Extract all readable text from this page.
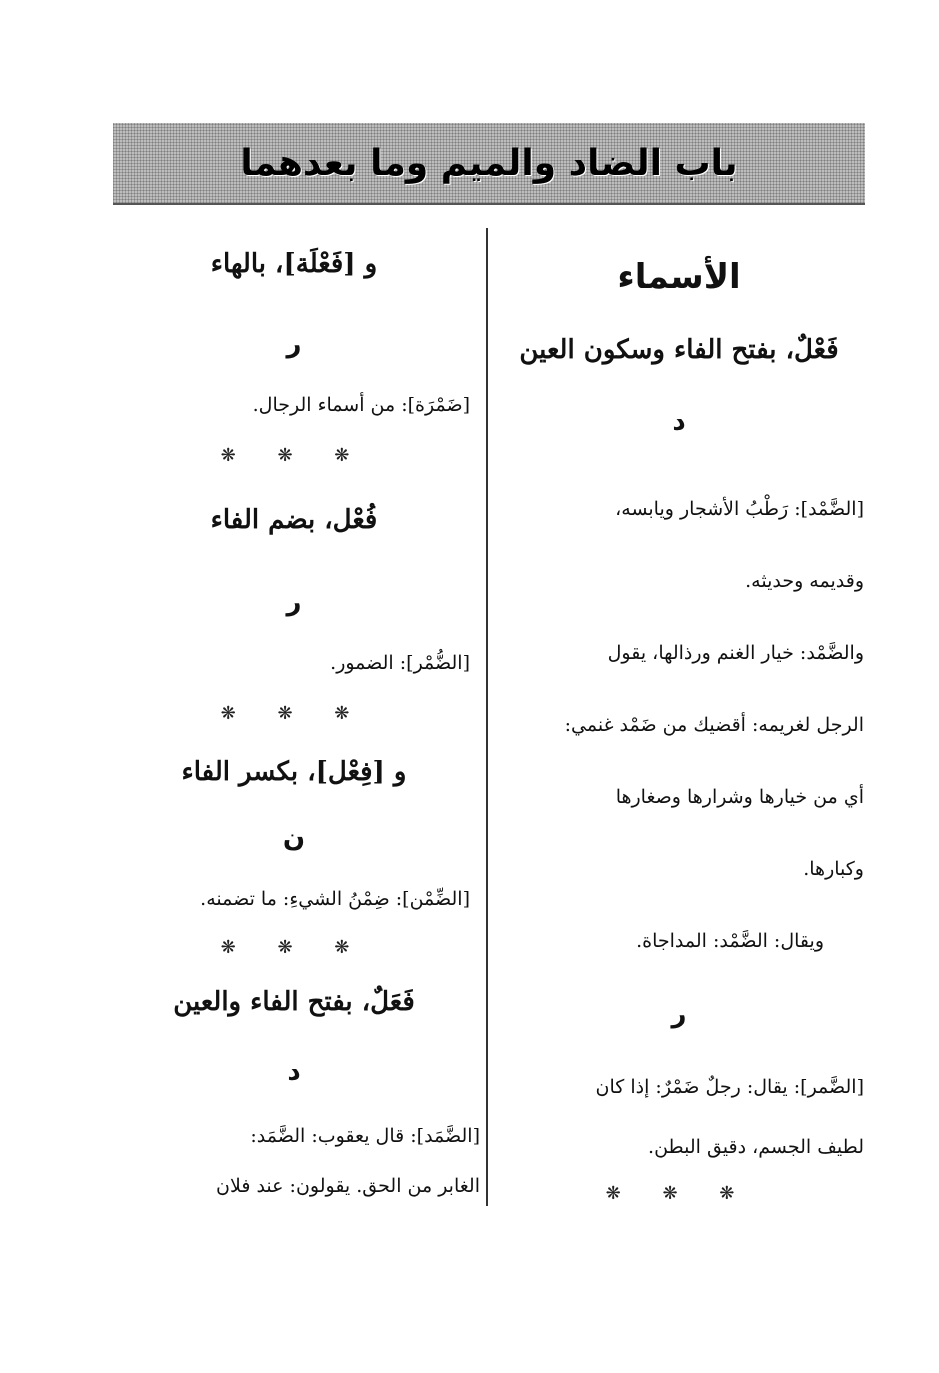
باب الضاد والميم وما بعدهما
الأسماء
فَعْلٌ، بفتح الفاء وسكون العين
د
[الضَّمْد]: رَطْبُ الأشجار ويابسه،
وقديمه وحديثه.
والضَّمْد: خيار الغنم ورذالها، يقول
الرجل لغريمه: أقضيك من ضَمْد غنمي:
أي من خيارها وشرارها وصغارها
وكبارها.
ويقال: الضَّمْد: المداجاة.
ر
[الضَّمر]: يقال: رجلٌ ضَمْرٌ: إذا كان
لطيف الجسم، دقيق البطن.
❋ ❋ ❋
و [فَعْلَة]، بالهاء
ر
[ضَمْرَة]: من أسماء الرجال.
❋ ❋ ❋
فُعْل، بضم الفاء
ر
[الضُّمْر]: الضمور.
❋ ❋ ❋
و [فِعْل]، بكسر الفاء
ن
[الضِّمْن]: ضِمْنُ الشيءِ: ما تضمنه.
❋ ❋ ❋
فَعَلٌ، بفتح الفاء والعين
د
[الضَّمَد]: قال يعقوب: الضَّمَد:
الغابر من الحق. يقولون: عند فلان
